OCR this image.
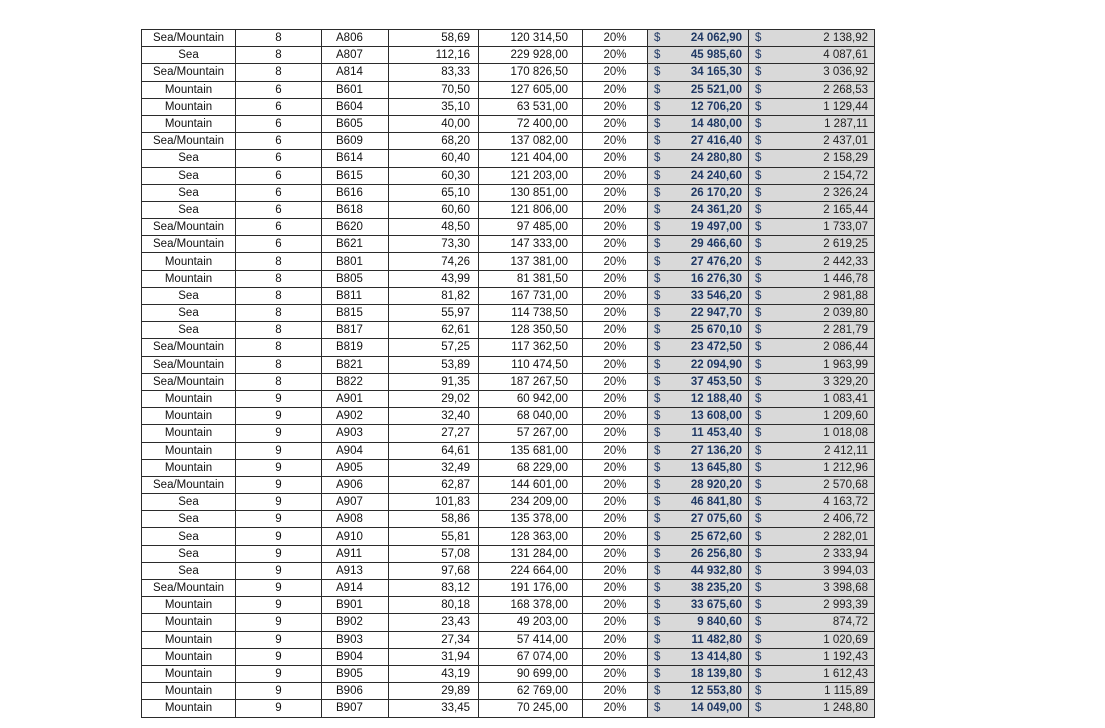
Sea/Mountain	8	A806	58,69	120 314,50	20%	$ 24 062,90	$ 2 138,92

Sea	8	A807	112,16	229 928,00	20%	$ 45 985,60	$ 4 087,61

Sea/Mountain	8	A814	83,33	170 826,50	20%	$ 34 165,30	$ 3 036,92

Mountain	6	B601	70,50	127 605,00	20%	$ 25 521,00	$ 2 268,53

Mountain	6	B604	35,10	63 531,00	20%	$ 12 706,20	$ 1 129,44

Mountain	6	B605	40,00	72 400,00	20%	$ 14 480,00	$ 1 287,11

Sea/Mountain	6	B609	68,20	137 082,00	20%	$ 27 416,40	$ 2 437,01

Sea	6	B614	60,40	121 404,00	20%	$ 24 280,80	$ 2 158,29

Sea	6	B615	60,30	121 203,00	20%	$ 24 240,60	$ 2 154,72

Sea	6	B616	65,10	130 851,00	20%	$ 26 170,20	$ 2 326,24

Sea	6	B618	60,60	121 806,00	20%	$ 24 361,20	$ 2 165,44

Sea/Mountain	6	B620	48,50	97 485,00	20%	$ 19 497,00	$ 1 733,07

Sea/Mountain	6	B621	73,30	147 333,00	20%	$ 29 466,60	$ 2 619,25

Mountain	8	B801	74,26	137 381,00	20%	$ 27 476,20	$ 2 442,33

Mountain	8	B805	43,99	81 381,50	20%	$ 16 276,30	$ 1 446,78

Sea	8	B811	81,82	167 731,00	20%	$ 33 546,20	$ 2 981,88

Sea	8	B815	55,97	114 738,50	20%	$ 22 947,70	$ 2 039,80

Sea	8	B817	62,61	128 350,50	20%	$ 25 670,10	$ 2 281,79

Sea/Mountain	8	B819	57,25	117 362,50	20%	$ 23 472,50	$ 2 086,44

Sea/Mountain	8	B821	53,89	110 474,50	20%	$ 22 094,90	$ 1 963,99

Sea/Mountain	8	B822	91,35	187 267,50	20%	$ 37 453,50	$ 3 329,20

Mountain	9	A901	29,02	60 942,00	20%	$ 12 188,40	$ 1 083,41

Mountain	9	A902	32,40	68 040,00	20%	$ 13 608,00	$ 1 209,60

Mountain	9	A903	27,27	57 267,00	20%	$ 11 453,40	$ 1 018,08

Mountain	9	A904	64,61	135 681,00	20%	$ 27 136,20	$ 2 412,11

Mountain	9	A905	32,49	68 229,00	20%	$ 13 645,80	$ 1 212,96

Sea/Mountain	9	A906	62,87	144 601,00	20%	$ 28 920,20	$ 2 570,68

Sea	9	A907	101,83	234 209,00	20%	$ 46 841,80	$ 4 163,72

Sea	9	A908	58,86	135 378,00	20%	$ 27 075,60	$ 2 406,72

Sea	9	A910	55,81	128 363,00	20%	$ 25 672,60	$ 2 282,01

Sea	9	A911	57,08	131 284,00	20%	$ 26 256,80	$ 2 333,94

Sea	9	A913	97,68	224 664,00	20%	$ 44 932,80	$ 3 994,03

Sea/Mountain	9	A914	83,12	191 176,00	20%	$ 38 235,20	$ 3 398,68

Mountain	9	B901	80,18	168 378,00	20%	$ 33 675,60	$ 2 993,39

Mountain	9	B902	23,43	49 203,00	20%	$ 9 840,60	$ 874,72

Mountain	9	B903	27,34	57 414,00	20%	$ 11 482,80	$ 1 020,69

Mountain	9	B904	31,94	67 074,00	20%	$ 13 414,80	$ 1 192,43

Mountain	9	B905	43,19	90 699,00	20%	$ 18 139,80	$ 1 612,43

Mountain	9	B906	29,89	62 769,00	20%	$ 12 553,80	$ 1 115,89

Mountain	9	B907	33,45	70 245,00	20%	$ 14 049,00	$ 1 248,80
